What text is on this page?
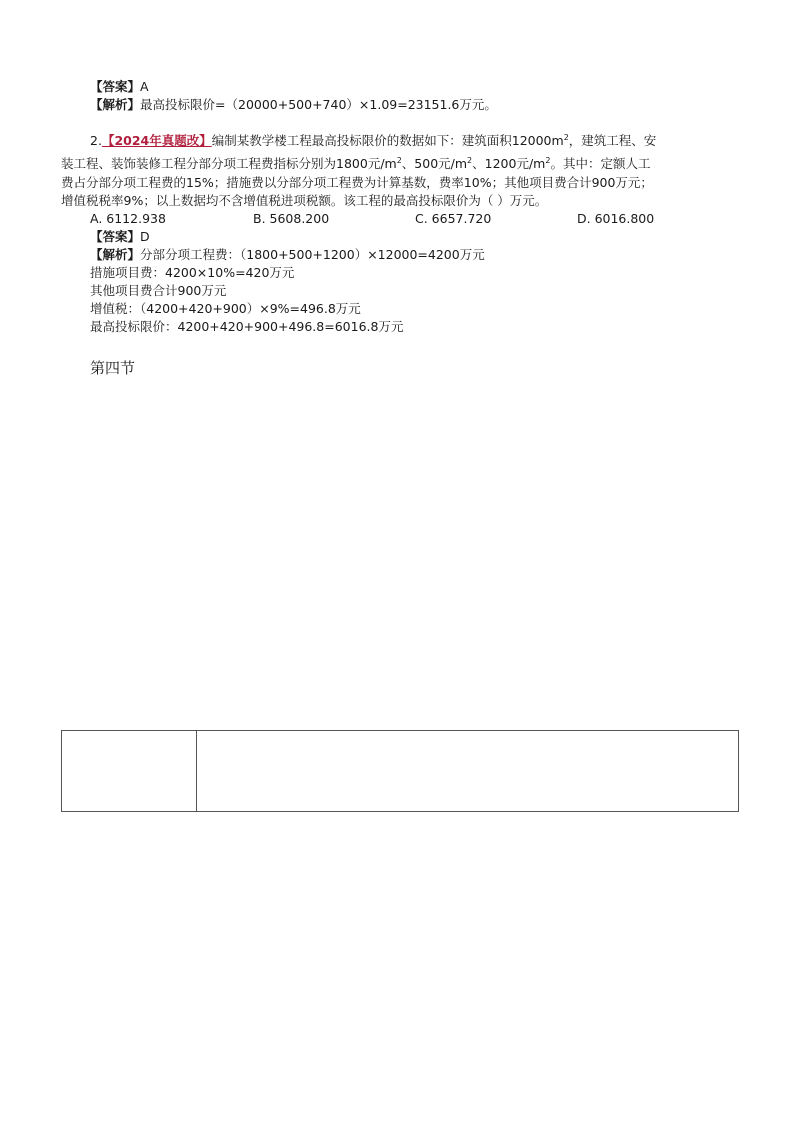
【答案】A
【解析】最高投标限价=（20000+500+740）×1.09=23151.6万元。
2.【2024年真题改】编制某教学楼工程最高投标限价的数据如下：建筑面积$12000m^2$，建筑工程、安
装工程、装饰装修工程分部分项工程费指标分别为1800元$/m^2$、500元$/m^2$、1200元$/m^2$。其中：定额人工
费占分部分项工程费的15%；措施费以分部分项工程费为计算基数，费率10%；其他项目费合计900万元；
增值税税率9%；以上数据均不含增值税进项税额。该工程的最高投标限价为（ ）万元。
A. 6112.938	B. 5608.200	C. 6657.720	D. 6016.800
【答案】D
【解析】分部分项工程费：（1800+500+1200）×12000=4200万元
措施项目费：4200×10%=420万元
其他项目费合计900万元
增值税：（4200+420+900）×9%=496.8万元
最高投标限价：4200+420+900+496.8=6016.8万元
第四节
